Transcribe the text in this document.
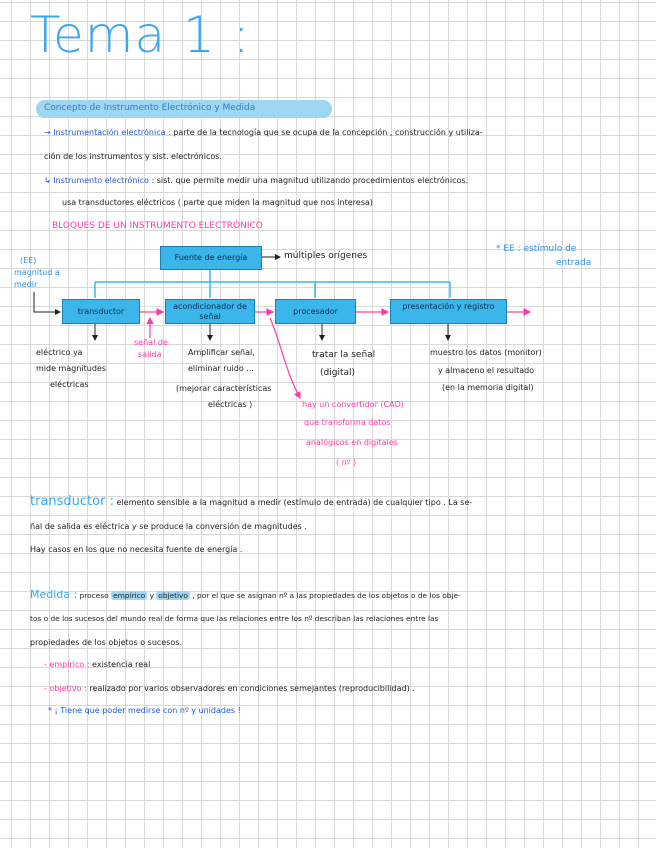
Tema 1 :
Concepto de Instrumento Electrónico y Medida
→ Instrumentación electrónica : parte de la tecnología que se ocupa de la concepción , construcción y utiliza-
ción de los instrumentos y sist. electrónicos.
↳ Instrumento electrónico : sist. que permite medir una magnitud utilizando procedimientos electrónicos.
usa transductores eléctricos ( parte que miden la magnitud que nos interesa)
BLOQUES DE UN INSTRUMENTO ELECTRÓNICO
Fuente de energía	múltiples orígenes
* EE : estímulo de
entrada
(EE)
magnitud a
medir
transductor
acondicionador de señal
procesador
presentación y registro
señal de
salida
eléctrico ya
mide magnitudes
eléctricas
Amplificar señal,
eliminar ruido ...
(mejorar características
eléctricas )
tratar la señal
(digital)
muestro los datos (monitor)
y almaceno el resultado
(en la memoria digital)
hay un convertidor (CAD)
que transforma datos
analógicos en digitales
( nº )
transductor : elemento sensible a la magnitud a medir (estímulo de entrada) de cualquier tipo . La se-
ñal de salida es eléctrica y se produce la conversión de magnitudes .
Hay casos en los que no necesita fuente de energía .
Medida : proceso empírico y objetivo , por el que se asignan nº a las propiedades de los objetos o de los obje-
tos o de los sucesos del mundo real de forma que las relaciones entre los nº describan las relaciones entre las
propiedades de los objetos o sucesos.
- empírico : existencia real
- objetivo : realizado por varios observadores en condiciones semejantes (reproducibilidad) .
* ¡ Tiene que poder medirse con nº y unidades !
